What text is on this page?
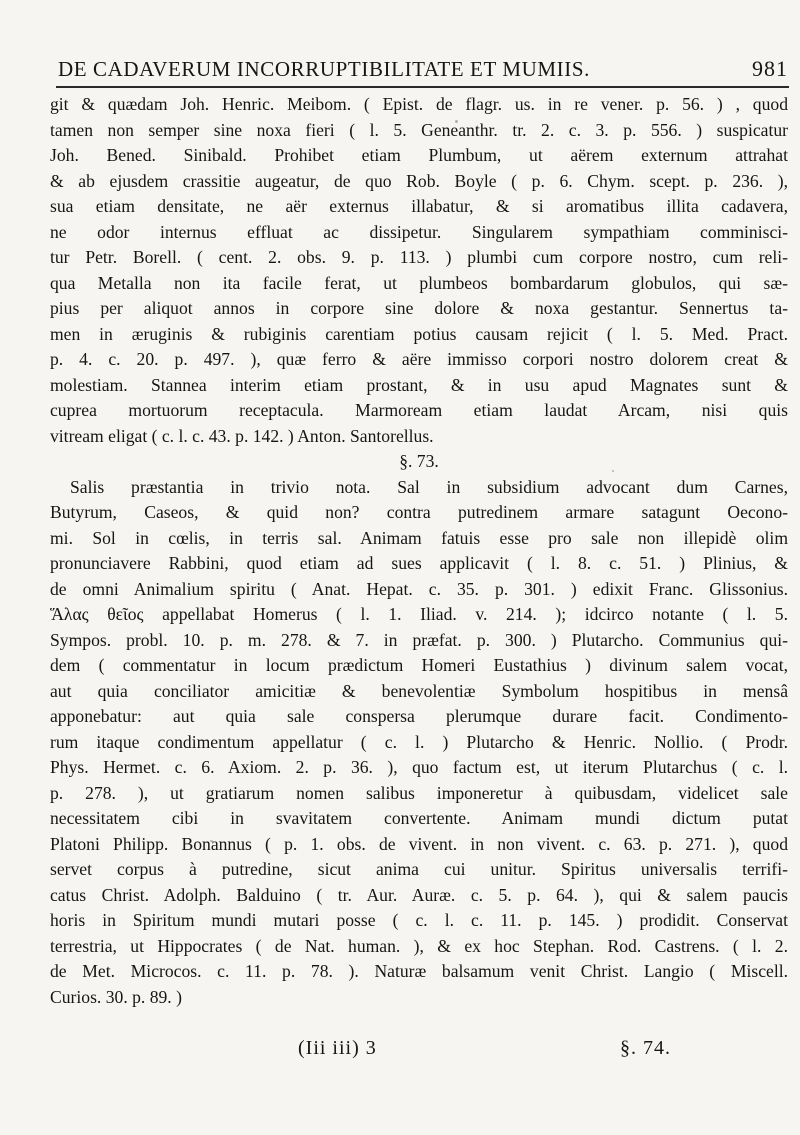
DE CADAVERUM INCORRUPTIBILITATE ET MUMIIS.	981
git & quædam Joh. Henric. Meibom. ( Epist. de flagr. us. in re vener. p. 56. ) , quod
tamen non semper sine noxa fieri ( l. 5. Geneanthr. tr. 2. c. 3. p. 556. ) suspicatur
Joh. Bened. Sinibald. Prohibet etiam Plumbum, ut aërem externum attrahat
& ab ejusdem crassitie augeatur, de quo Rob. Boyle ( p. 6. Chym. scept. p. 236. ),
sua etiam densitate, ne aër externus illabatur, & si aromatibus illita cadavera,
ne odor internus effluat ac dissipetur. Singularem sympathiam comminisci-
tur Petr. Borell. ( cent. 2. obs. 9. p. 113. ) plumbi cum corpore nostro, cum reli-
qua Metalla non ita facile ferat, ut plumbeos bombardarum globulos, qui sæ-
pius per aliquot annos in corpore sine dolore & noxa gestantur. Sennertus ta-
men in æruginis & rubiginis carentiam potius causam rejicit ( l. 5. Med. Pract.
p. 4. c. 20. p. 497. ), quæ ferro & aëre immisso corpori nostro dolorem creat &
molestiam. Stannea interim etiam prostant, & in usu apud Magnates sunt &
cuprea mortuorum receptacula. Marmoream etiam laudat Arcam, nisi quis
vitream eligat ( c. l. c. 43. p. 142. ) Anton. Santorellus.
§. 73.
Salis præstantia in trivio nota. Sal in subsidium advocant dum Carnes,
Butyrum, Caseos, & quid non? contra putredinem armare satagunt Oecono-
mi. Sol in cœlis, in terris sal. Animam fatuis esse pro sale non illepidè olim
pronunciavere Rabbini, quod etiam ad sues applicavit ( l. 8. c. 51. ) Plinius, &
de omni Animalium spiritu ( Anat. Hepat. c. 35. p. 301. ) edixit Franc. Glissonius.
Ἅλας θεῖος appellabat Homerus ( l. 1. Iliad. v. 214. ); idcirco notante ( l. 5.
Sympos. probl. 10. p. m. 278. & 7. in præfat. p. 300. ) Plutarcho. Communius qui-
dem ( commentatur in locum prædictum Homeri Eustathius ) divinum salem vocat,
aut quia conciliator amicitiæ & benevolentiæ Symbolum hospitibus in mensâ
apponebatur: aut quia sale conspersa plerumque durare facit. Condimento-
rum itaque condimentum appellatur ( c. l. ) Plutarcho & Henric. Nollio. ( Prodr.
Phys. Hermet. c. 6. Axiom. 2. p. 36. ), quo factum est, ut iterum Plutarchus ( c. l.
p. 278. ), ut gratiarum nomen salibus imponeretur à quibusdam, videlicet sale
necessitatem cibi in svavitatem convertente. Animam mundi dictum putat
Platoni Philipp. Bonannus ( p. 1. obs. de vivent. in non vivent. c. 63. p. 271. ), quod
servet corpus à putredine, sicut anima cui unitur. Spiritus universalis terrifi-
catus Christ. Adolph. Balduino ( tr. Aur. Auræ. c. 5. p. 64. ), qui & salem paucis
horis in Spiritum mundi mutari posse ( c. l. c. 11. p. 145. ) prodidit. Conservat
terrestria, ut Hippocrates ( de Nat. human. ), & ex hoc Stephan. Rod. Castrens. ( l. 2.
de Met. Microcos. c. 11. p. 78. ). Naturæ balsamum venit Christ. Langio ( Miscell.
Curios. 30. p. 89. )
(Iii iii) 3	§. 74.
